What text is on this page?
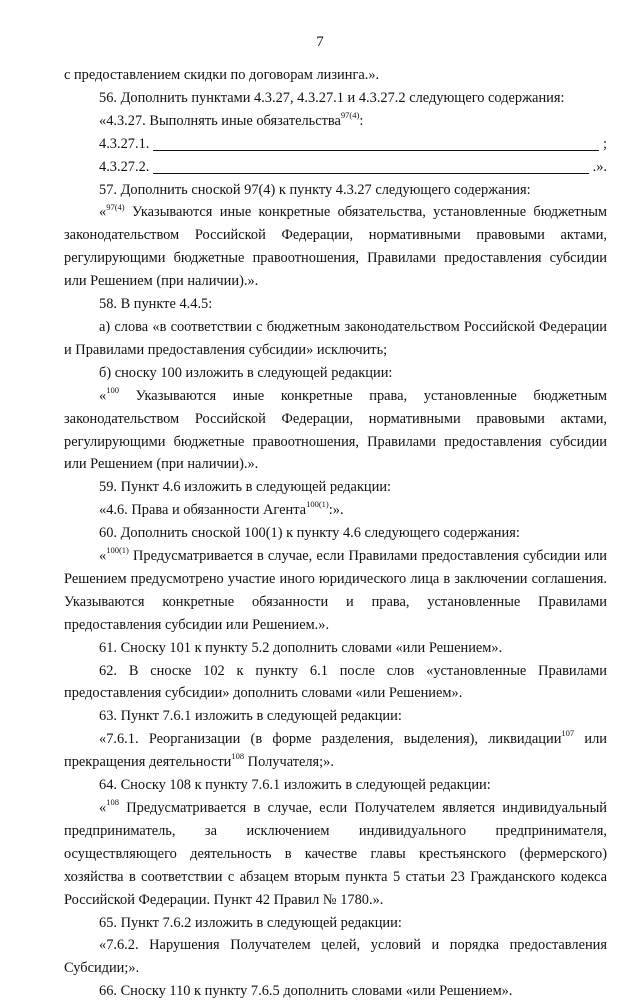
7

с предоставлением скидки по договорам лизинга.».

56. Дополнить пунктами 4.3.27, 4.3.27.1 и 4.3.27.2 следующего содержания:

«4.3.27. Выполнять иные обязательства$^{97(4)}$:

4.3.27.1.	;
4.3.27.2.	.».

57. Дополнить сноской 97(4) к пункту 4.3.27 следующего содержания:

«$^{97(4)}$ Указываются иные конкретные обязательства, установленные бюджетным законодательством Российской Федерации, нормативными правовыми актами, регулирующими бюджетные правоотношения, Правилами предоставления субсидии или Решением (при наличии).».

58. В пункте 4.4.5:

а) слова «в соответствии с бюджетным законодательством Российской Федерации и Правилами предоставления субсидии» исключить;

б) сноску 100 изложить в следующей редакции:

«$^{100}$ Указываются иные конкретные права, установленные бюджетным законодательством Российской Федерации, нормативными правовыми актами, регулирующими бюджетные правоотношения, Правилами предоставления субсидии или Решением (при наличии).».

59. Пункт 4.6 изложить в следующей редакции:

«4.6. Права и обязанности Агента$^{100(1)}$:».

60. Дополнить сноской 100(1) к пункту 4.6 следующего содержания:

«$^{100(1)}$ Предусматривается в случае, если Правилами предоставления субсидии или Решением предусмотрено участие иного юридического лица в заключении соглашения. Указываются конкретные обязанности и права, установленные Правилами предоставления субсидии или Решением.».

61. Сноску 101 к пункту 5.2 дополнить словами «или Решением».

62. В сноске 102 к пункту 6.1 после слов «установленные Правилами предоставления субсидии» дополнить словами «или Решением».

63. Пункт 7.6.1 изложить в следующей редакции:

«7.6.1. Реорганизации (в форме разделения, выделения), ликвидации$^{107}$ или прекращения деятельности$^{108}$ Получателя;».

64. Сноску 108 к пункту 7.6.1 изложить в следующей редакции:

«$^{108}$ Предусматривается в случае, если Получателем является индивидуальный предприниматель, за исключением индивидуального предпринимателя, осуществляющего деятельность в качестве главы крестьянского (фермерского) хозяйства в соответствии с абзацем вторым пункта 5 статьи 23 Гражданского кодекса Российской Федерации. Пункт 42 Правил № 1780.».

65. Пункт 7.6.2 изложить в следующей редакции:

«7.6.2. Нарушения Получателем целей, условий и порядка предоставления Субсидии;».

66. Сноску 110 к пункту 7.6.5 дополнить словами «или Решением».
